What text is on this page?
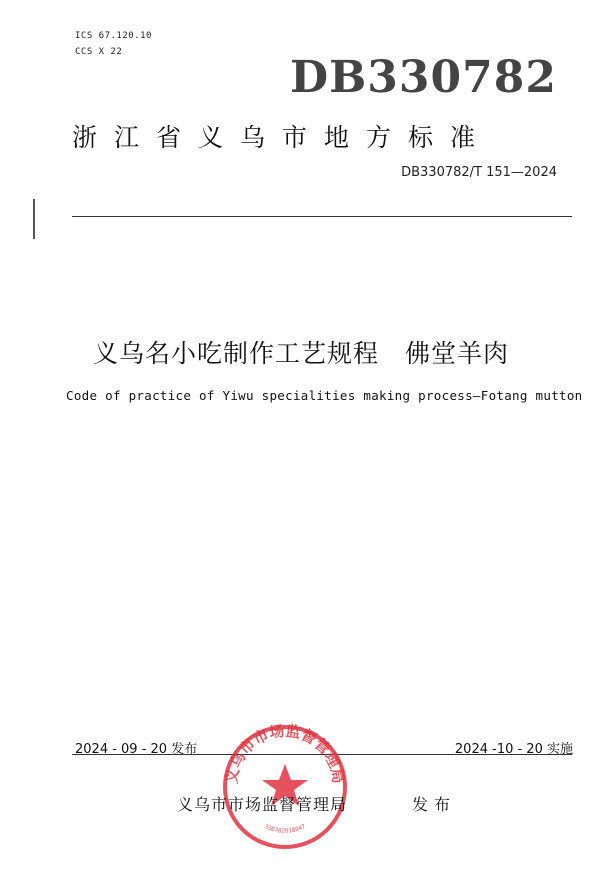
ICS 67.120.10
CCS X 22	DB330782
浙江省义乌市地方标准
DB330782/T 151—2024
义乌名小吃制作工艺规程　佛堂羊肉
Code of practice of Yiwu specialities making process—Fotang mutton
2024 - 09 - 20 发布	2024 -10 - 20 实施
义乌市市场监督管理局
330782018047
义乌市市场监督管理局	发布
